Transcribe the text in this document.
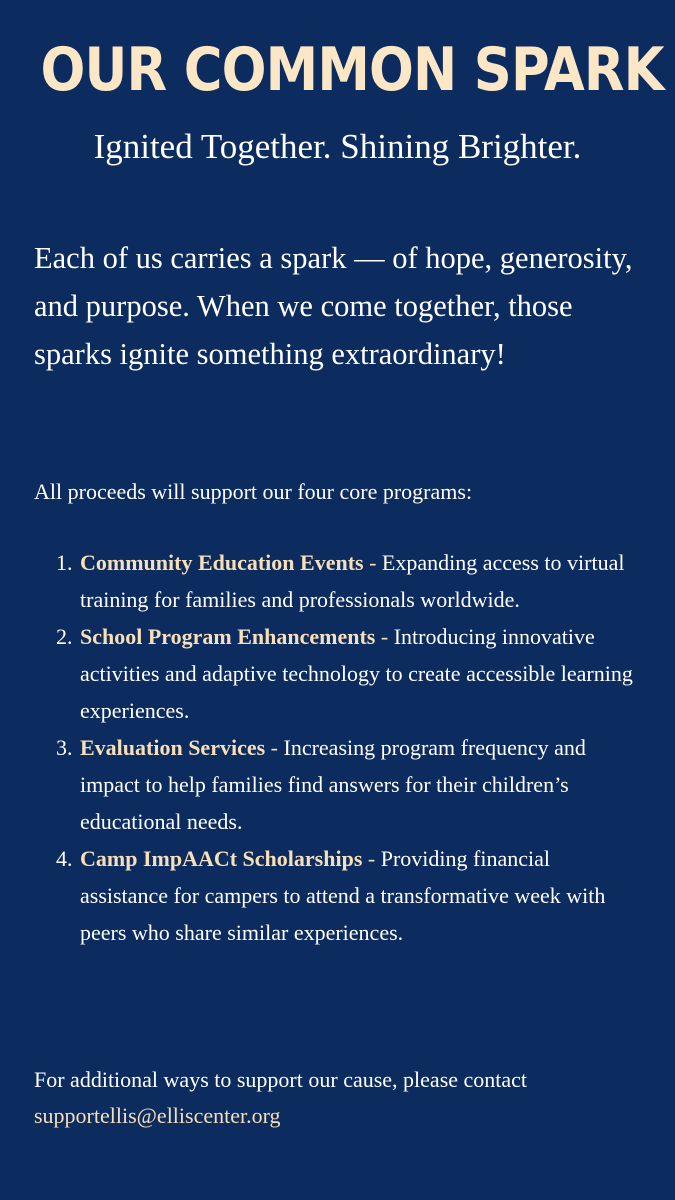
OUR COMMON SPARK
Ignited Together. Shining Brighter.

Each of us carries a spark — of hope, generosity, and purpose. When we come together, those sparks ignite something extraordinary!

All proceeds will support our four core programs:

1. Community Education Events - Expanding access to virtual training for families and professionals worldwide.
2. School Program Enhancements - Introducing innovative activities and adaptive technology to create accessible learning experiences.
3. Evaluation Services - Increasing program frequency and impact to help families find answers for their children’s educational needs.
4. Camp ImpAACt Scholarships - Providing financial assistance for campers to attend a transformative week with peers who share similar experiences.

For additional ways to support our cause, please contact
supportellis@elliscenter.org
